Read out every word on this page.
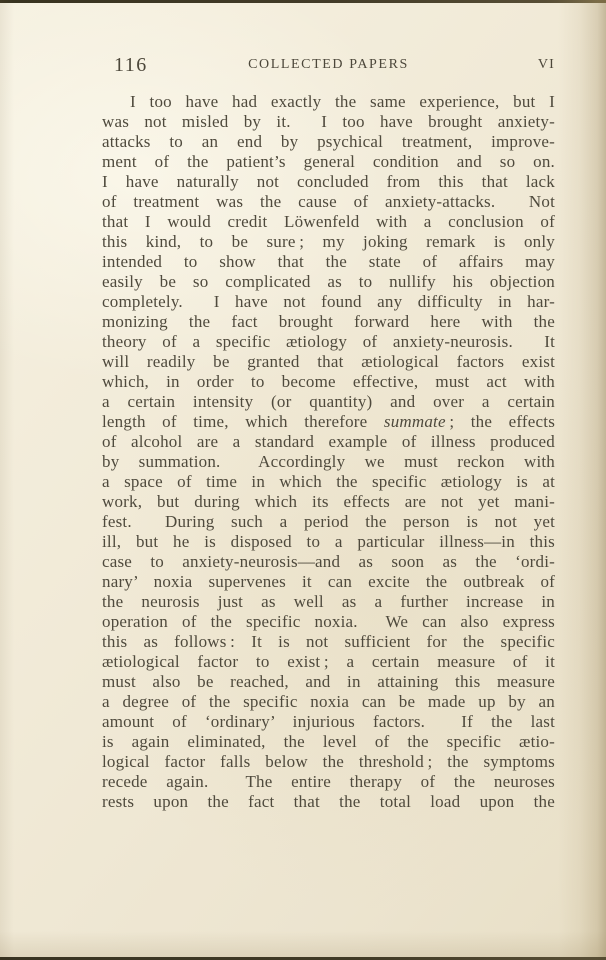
116	COLLECTED PAPERS	VI
I too have had exactly the same experience, but I
was not misled by it.  I too have brought anxiety-
attacks to an end by psychical treatment, improve-
ment of the patient’s general condition and so on.
I have naturally not concluded from this that lack
of treatment was the cause of anxiety-attacks.  Not
that I would credit Löwenfeld with a conclusion of
this kind, to be sure ; my joking remark is only
intended to show that the state of affairs may
easily be so complicated as to nullify his objection
completely.  I have not found any difficulty in har-
monizing the fact brought forward here with the
theory of a specific ætiology of anxiety-neurosis.  It
will readily be granted that ætiological factors exist
which, in order to become effective, must act with
a certain intensity (or quantity) and over a certain
length of time, which therefore summate ; the effects
of alcohol are a standard example of illness produced
by summation.  Accordingly we must reckon with
a space of time in which the specific ætiology is at
work, but during which its effects are not yet mani-
fest.  During such a period the person is not yet
ill, but he is disposed to a particular illness—in this
case to anxiety-neurosis—and as soon as the ‘ordi-
nary’ noxia supervenes it can excite the outbreak of
the neurosis just as well as a further increase in
operation of the specific noxia.  We can also express
this as follows : It is not sufficient for the specific
ætiological factor to exist ; a certain measure of it
must also be reached, and in attaining this measure
a degree of the specific noxia can be made up by an
amount of ‘ordinary’ injurious factors.  If the last
is again eliminated, the level of the specific ætio-
logical factor falls below the threshold ; the symptoms
recede again.  The entire therapy of the neuroses
rests upon the fact that the total load upon the
